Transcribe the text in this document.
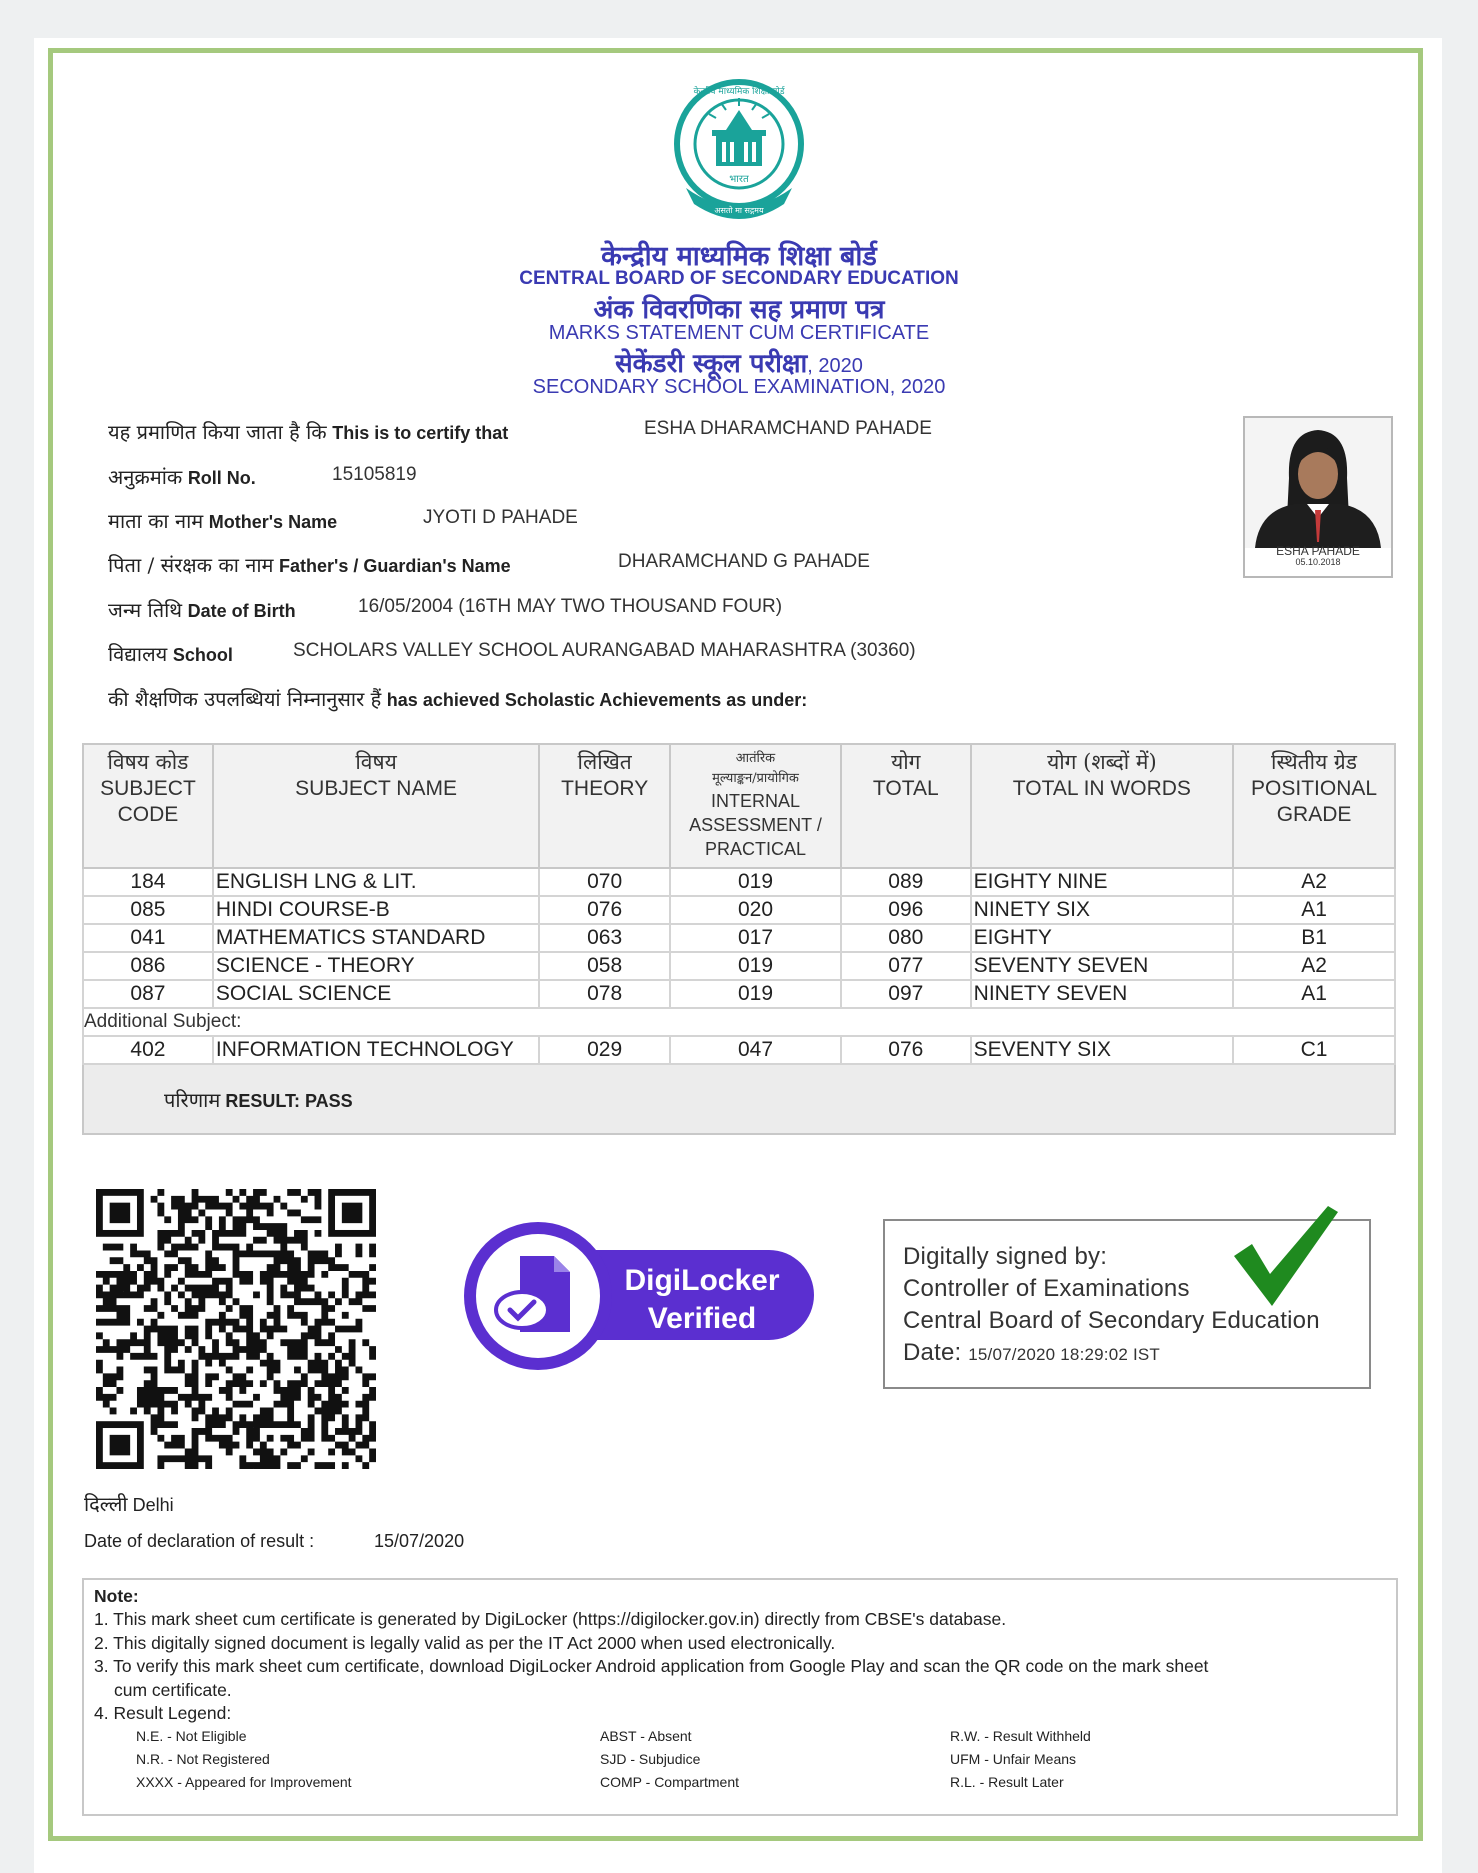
केन्द्रीय माध्यमिक शिक्षा बोर्ड
भारत
असतो मा सद्गमय
केन्द्रीय माध्यमिक शिक्षा बोर्ड
CENTRAL BOARD OF SECONDARY EDUCATION
अंक विवरणिका सह प्रमाण पत्र
MARKS STATEMENT CUM CERTIFICATE
सेकेंडरी स्कूल परीक्षा, 2020
SECONDARY SCHOOL EXAMINATION, 2020
यह प्रमाणित किया जाता है कि This is to certify that	ESHA DHARAMCHAND PAHADE
अनुक्रमांक Roll No.	15105819
माता का नाम Mother's Name	JYOTI D PAHADE
पिता / संरक्षक का नाम Father's / Guardian's Name	DHARAMCHAND G PAHADE
जन्म तिथि Date of Birth	16/05/2004 (16TH MAY TWO THOUSAND FOUR)
विद्यालय School	SCHOLARS VALLEY SCHOOL AURANGABAD MAHARASHTRA (30360)
की शैक्षणिक उपलब्धियां निम्नानुसार हैं has achieved Scholastic Achievements as under:
ESHA PAHADE
05.10.2018
विषय कोड
SUBJECT
CODE	विषय
SUBJECT NAME	लिखित
THEORY	आतंरिक
मूल्याङ्कन/प्रायोगिक
INTERNAL
ASSESSMENT /
PRACTICAL	योग
TOTAL	योग (शब्दों में)
TOTAL IN WORDS	स्थितीय ग्रेड
POSITIONAL
GRADE
184	ENGLISH LNG & LIT.	070	019	089	EIGHTY NINE	A2
085	HINDI COURSE-B	076	020	096	NINETY SIX	A1
041	MATHEMATICS STANDARD	063	017	080	EIGHTY	B1
086	SCIENCE - THEORY	058	019	077	SEVENTY SEVEN	A2
087	SOCIAL SCIENCE	078	019	097	NINETY SEVEN	A1
Additional Subject:						
402	INFORMATION TECHNOLOGY	029	047	076	SEVENTY SIX	C1
परिणाम RESULT: PASS						
DigiLocker
Verified
Digitally signed by:
Controller of Examinations
Central Board of Secondary Education
Date: 15/07/2020 18:29:02 IST
दिल्ली Delhi
Date of declaration of result :	15/07/2020
Note:
1. This mark sheet cum certificate is generated by DigiLocker (https://digilocker.gov.in) directly from CBSE's database.
2. This digitally signed document is legally valid as per the IT Act 2000 when used electronically.
3. To verify this mark sheet cum certificate, download DigiLocker Android application from Google Play and scan the QR code on the mark sheet
cum certificate.
4. Result Legend:
N.E. - Not Eligible	ABST - Absent	R.W. - Result Withheld
N.R. - Not Registered	SJD - Subjudice	UFM - Unfair Means
XXXX - Appeared for Improvement	COMP - Compartment	R.L. - Result Later
